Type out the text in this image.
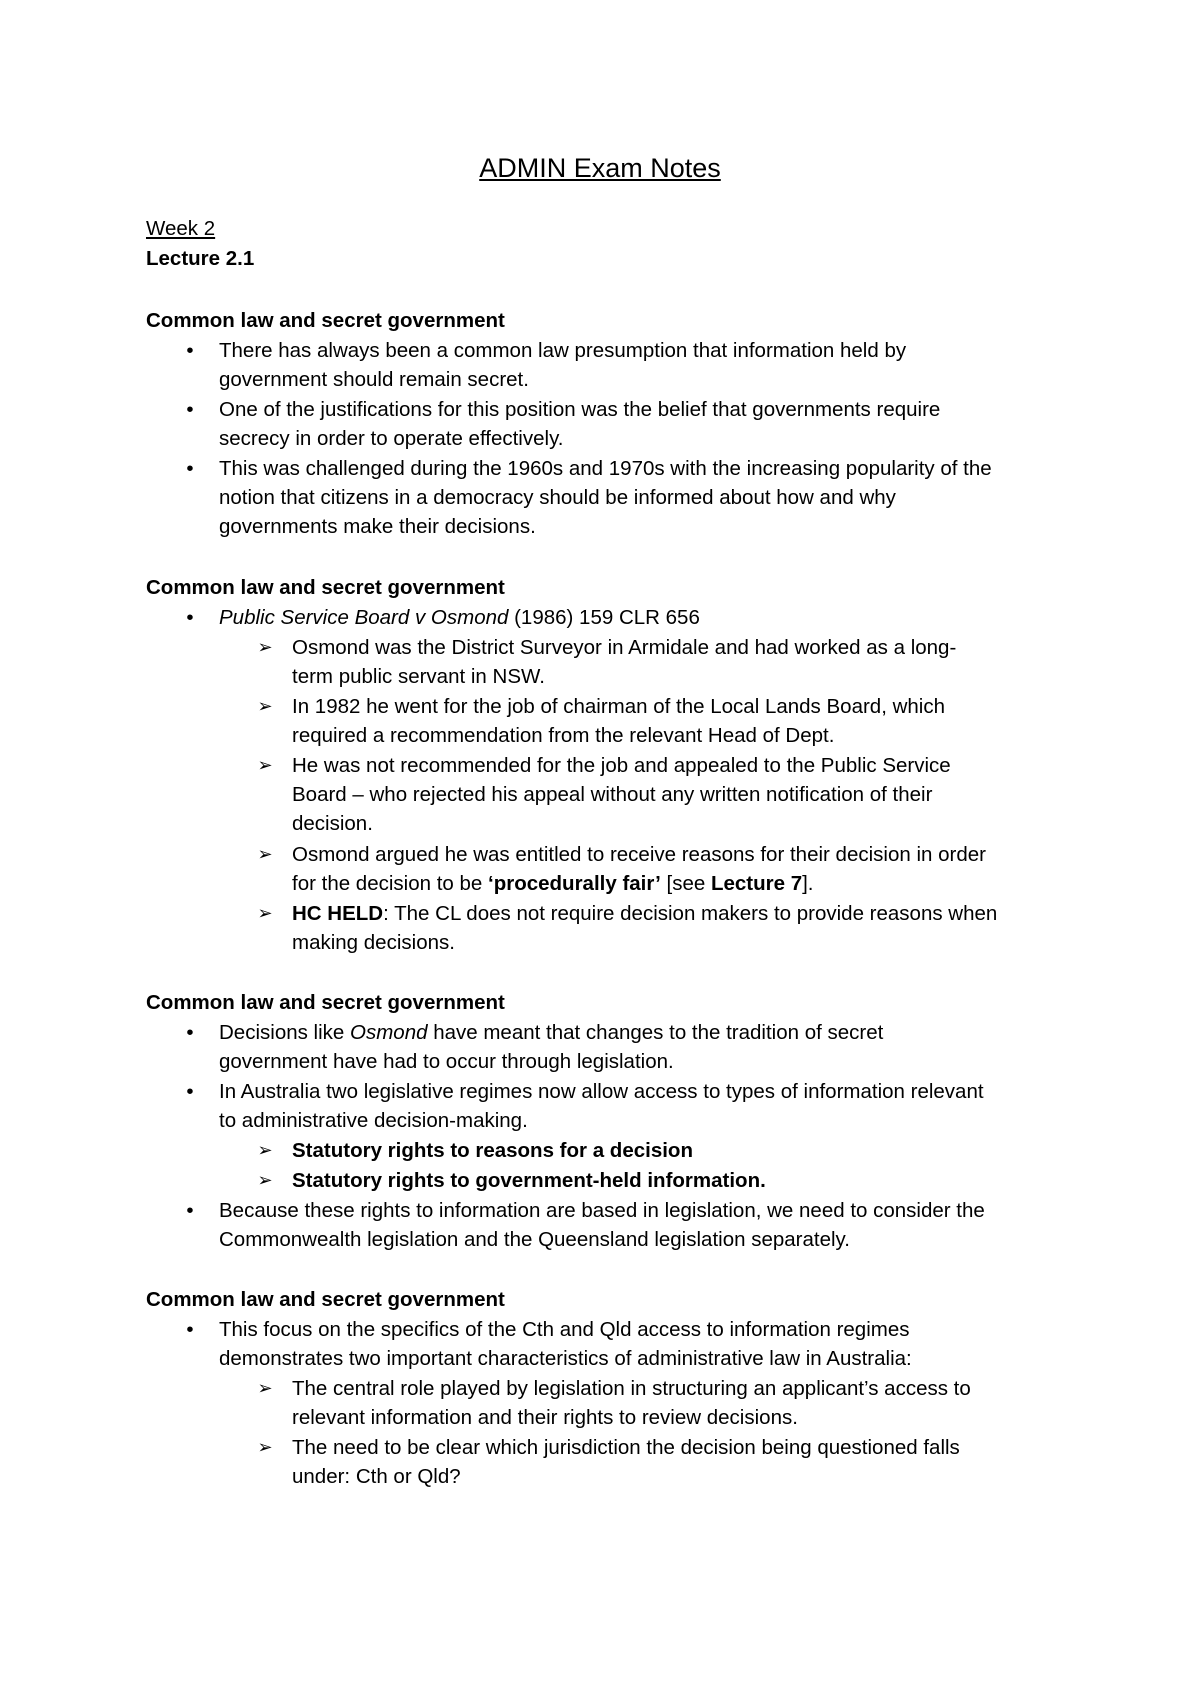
ADMIN Exam Notes
Week 2
Lecture 2.1
Common law and secret government
• There has always been a common law presumption that information held by
government should remain secret.
• One of the justifications for this position was the belief that governments require
secrecy in order to operate effectively.
• This was challenged during the 1960s and 1970s with the increasing popularity of the
notion that citizens in a democracy should be informed about how and why
governments make their decisions.
Common law and secret government
• Public Service Board v Osmond (1986) 159 CLR 656
➢ Osmond was the District Surveyor in Armidale and had worked as a long-
term public servant in NSW.
➢ In 1982 he went for the job of chairman of the Local Lands Board, which
required a recommendation from the relevant Head of Dept.
➢ He was not recommended for the job and appealed to the Public Service
Board – who rejected his appeal without any written notification of their
decision.
➢ Osmond argued he was entitled to receive reasons for their decision in order
for the decision to be ‘procedurally fair’ [see Lecture 7].
➢ HC HELD: The CL does not require decision makers to provide reasons when
making decisions.
Common law and secret government
• Decisions like Osmond have meant that changes to the tradition of secret
government have had to occur through legislation.
• In Australia two legislative regimes now allow access to types of information relevant
to administrative decision-making.
➢ Statutory rights to reasons for a decision
➢ Statutory rights to government-held information.
• Because these rights to information are based in legislation, we need to consider the
Commonwealth legislation and the Queensland legislation separately.
Common law and secret government
• This focus on the specifics of the Cth and Qld access to information regimes
demonstrates two important characteristics of administrative law in Australia:
➢ The central role played by legislation in structuring an applicant’s access to
relevant information and their rights to review decisions.
➢ The need to be clear which jurisdiction the decision being questioned falls
under: Cth or Qld?
